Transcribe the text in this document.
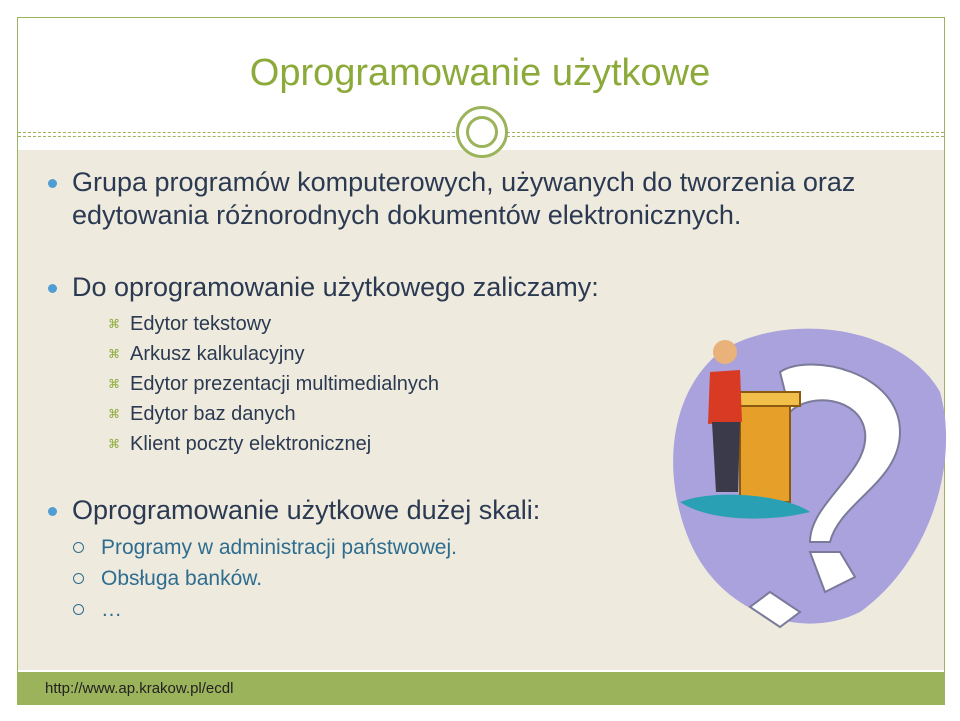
Oprogramowanie użytkowe
Grupa programów komputerowych, używanych do tworzenia oraz edytowania różnorodnych dokumentów elektronicznych.
Do oprogramowanie użytkowego zaliczamy:
⌘ Edytor tekstowy
⌘ Arkusz kalkulacyjny
⌘ Edytor prezentacji multimedialnych
⌘ Edytor baz danych
⌘ Klient poczty elektronicznej
Oprogramowanie użytkowe dużej skali:
Programy w administracji państwowej.
Obsługa banków.
…
http://www.ap.krakow.pl/ecdl
